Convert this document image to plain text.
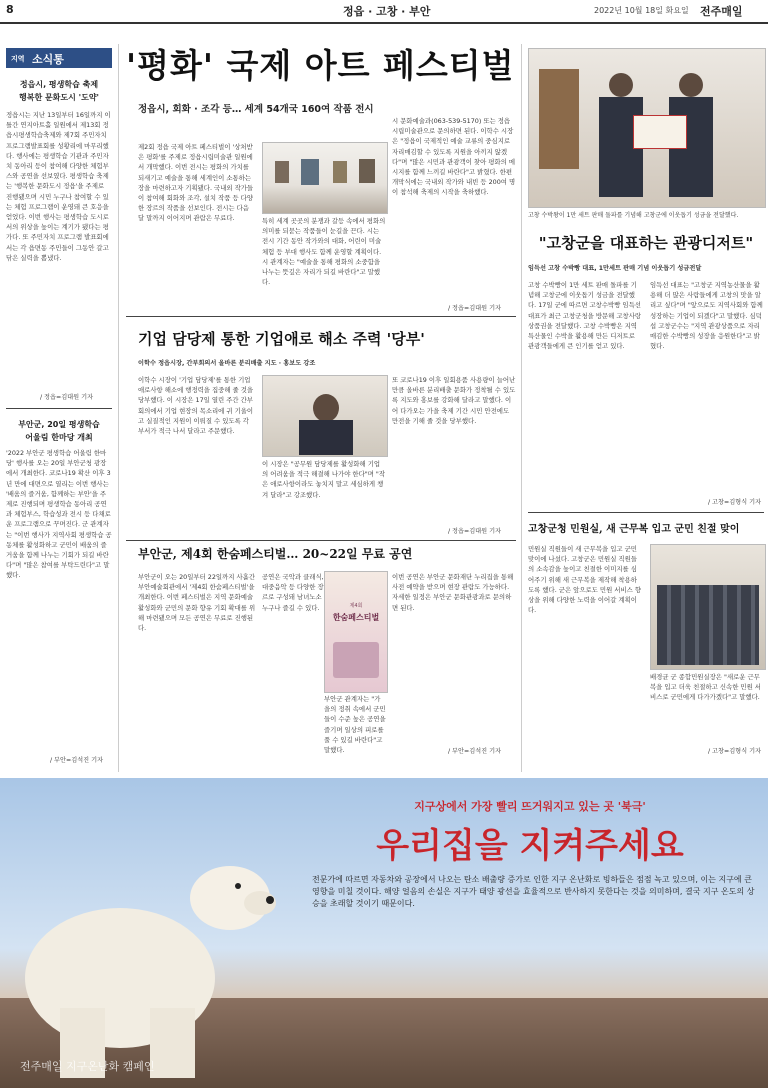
8	정읍 · 고창 · 부안	2022년 10월 18일 화요일 전주매일
지역 소식통
정읍시, 평생학습 축제
행복한 문화도시 '도약'
정읍시는 지난 13일부터 16일까지 이틀간 연지아트홀 일원에서 제13회 정읍시평생학습축제와 제7회 주민자치프로그램발표회를 성황리에 마무리했다. 행사에는 평생학습 기관과 주민자치 동아리 등이 참여해 다양한 체험부스와 공연을 선보였다. 평생학습 축제는 '행복한 문화도시 정읍'을 주제로 진행됐으며 시민 누구나 참여할 수 있는 체험 프로그램이 운영돼 큰 호응을 얻었다. 이번 행사는 평생학습 도시로서의 위상을 높이는 계기가 됐다는 평가다. 또 주민자치 프로그램 발표회에서는 각 읍면동 주민들이 그동안 갈고닦은 실력을 뽐냈다.
/ 정읍=김대원 기자
부안군, 20일 평생학습
어울림 한마당 개최
'2022 부안군 평생학습 어울림 한마당' 행사를 오는 20일 부안군청 광장에서 개최한다. 코로나19 확산 이후 3년 만에 대면으로 열리는 이번 행사는 '배움의 즐거움, 함께하는 부안'을 주제로 진행되며 평생학습 동아리 공연과 체험부스, 학습성과 전시 등 다채로운 프로그램으로 꾸며진다. 군 관계자는 "이번 행사가 지역사회 평생학습 공동체를 활성화하고 군민이 배움의 즐거움을 함께 나누는 기회가 되길 바란다"며 "많은 참여를 부탁드린다"고 말했다.
/ 부안=김석진 기자
'평화' 국제 아트 페스티벌
정읍시, 회화 · 조각 등… 세계 54개국 160여 작품 전시
제2회 정읍 국제 아트 페스티벌이 '상처받은 평화'를 주제로 정읍시립미술관 일원에서 개막했다. 이번 전시는 평화의 가치를 되새기고 예술을 통해 세계인이 소통하는 장을 마련하고자 기획됐다. 국내외 작가들이 참여해 회화와 조각, 설치 작품 등 다양한 장르의 작품을 선보인다. 전시는 다음 달 말까지 이어지며 관람은 무료다.	특히 세계 곳곳의 분쟁과 갈등 속에서 평화의 의미를 되묻는 작품들이 눈길을 끈다. 시는 전시 기간 동안 작가와의 대화, 어린이 미술 체험 등 부대 행사도 함께 운영할 계획이다. 시 관계자는 "예술을 통해 평화의 소중함을 나누는 뜻깊은 자리가 되길 바란다"고 말했다.
시 문화예술과(063-539-5170) 또는 정읍시립미술관으로 문의하면 된다. 이학수 시장은 "정읍이 국제적인 예술 교류의 중심지로 자리매김할 수 있도록 지원을 아끼지 않겠다"며 "많은 시민과 관광객이 찾아 평화의 메시지를 함께 느끼길 바란다"고 밝혔다. 한편 개막식에는 국내외 작가와 내빈 등 200여 명이 참석해 축제의 시작을 축하했다.
/ 정읍=김대원 기자
기업 담당제 통한 기업애로 해소 주력 '당부'
이학수 정읍시장, 간부회의서 올바른 분리배출 지도 · 홍보도 강조
이학수 시장이 '기업 담당제'를 통한 기업 애로사항 해소에 행정력을 집중해 줄 것을 당부했다. 이 시장은 17일 열린 주간 간부회의에서 기업 현장의 목소리에 귀 기울이고 실질적인 지원이 이뤄질 수 있도록 각 부서가 적극 나서 달라고 주문했다.
이 시장은 "공무원 담당제를 활성화해 기업의 어려움을 적극 해결해 나가야 한다"며 "작은 애로사항이라도 놓치지 말고 세심하게 챙겨 달라"고 강조했다.
또 코로나19 이후 일회용품 사용량이 늘어난 만큼 올바른 분리배출 문화가 정착될 수 있도록 지도와 홍보를 강화해 달라고 말했다. 이어 다가오는 가을 축제 기간 시민 안전에도 만전을 기해 줄 것을 당부했다.
/ 정읍=김대원 기자
부안군, 제4회 한숨페스티벌… 20~22일 무료 공연
부안군이 오는 20일부터 22일까지 사흘간 부안예술회관에서 '제4회 한숨페스티벌'을 개최한다. 이번 페스티벌은 지역 문화예술 활성화와 군민의 문화 향유 기회 확대를 위해 마련됐으며 모든 공연은 무료로 진행된다.
공연은 국악과 클래식, 대중음악 등 다양한 장르로 구성돼 남녀노소 누구나 즐길 수 있다.	제4회
한숨페스티벌
부안군 관계자는 "가을의 정취 속에서 군민들이 수준 높은 공연을 즐기며 일상의 피로를 풀 수 있길 바란다"고 말했다.
이번 공연은 부안군 문화재단 누리집을 통해 사전 예약을 받으며 현장 관람도 가능하다. 자세한 일정은 부안군 문화관광과로 문의하면 된다.
/ 부안=김석진 기자
고창 수박왕이 1만 세트 판매 돌파를 기념해 고창군에 이웃돕기 성금을 전달했다.
"고창군을 대표하는 관광디저트"
임득선 고창 수박빵 대표, 1만세트 판매 기념 이웃돕기 성금전달
고창 수박빵이 1만 세트 판매 돌파를 기념해 고창군에 이웃돕기 성금을 전달했다. 17일 군에 따르면 고창수박빵 임득선 대표가 최근 고창군청을 방문해 고창사랑 상품권을 전달했다. 고창 수박빵은 지역 특산물인 수박을 활용해 만든 디저트로 관광객들에게 큰 인기를 얻고 있다.
임득선 대표는 "고창군 지역농산물을 활용해 더 많은 사람들에게 고창의 맛을 알리고 싶다"며 "앞으로도 지역사회와 함께 성장하는 기업이 되겠다"고 말했다. 심덕섭 고창군수는 "지역 관광상품으로 자리매김한 수박빵의 성장을 응원한다"고 밝혔다.
/ 고창=김형식 기자
고창군청 민원실, 새 근무복 입고 군민 친절 맞이
민원실 직원들이 새 근무복을 입고 군민 맞이에 나섰다. 고창군은 민원실 직원들의 소속감을 높이고 친절한 이미지를 심어주기 위해 새 근무복을 제작해 착용하도록 했다. 군은 앞으로도 민원 서비스 향상을 위해 다양한 노력을 이어갈 계획이다.
배경균 군 종합민원실장은 "새로운 근무복을 입고 더욱 친절하고 신속한 민원 서비스로 군민에게 다가가겠다"고 말했다.
/ 고창=김형식 기자
지구상에서 가장 빨리 뜨거워지고 있는 곳 '북극'
우리집을 지켜주세요
전문가에 따르면 자동차와 공장에서 나오는 탄소 배출량 증가로 인한 지구 온난화로 빙하들은 점점 녹고 있으며, 이는 지구에 큰 영향을 미칠 것이다. 해양 얼음의 손실은 지구가 태양 광선을 효율적으로 반사하지 못한다는 것을 의미하며, 결국 지구 온도의 상승을 초래할 것이기 때문이다.
전주매일 지구온난화 캠페인
